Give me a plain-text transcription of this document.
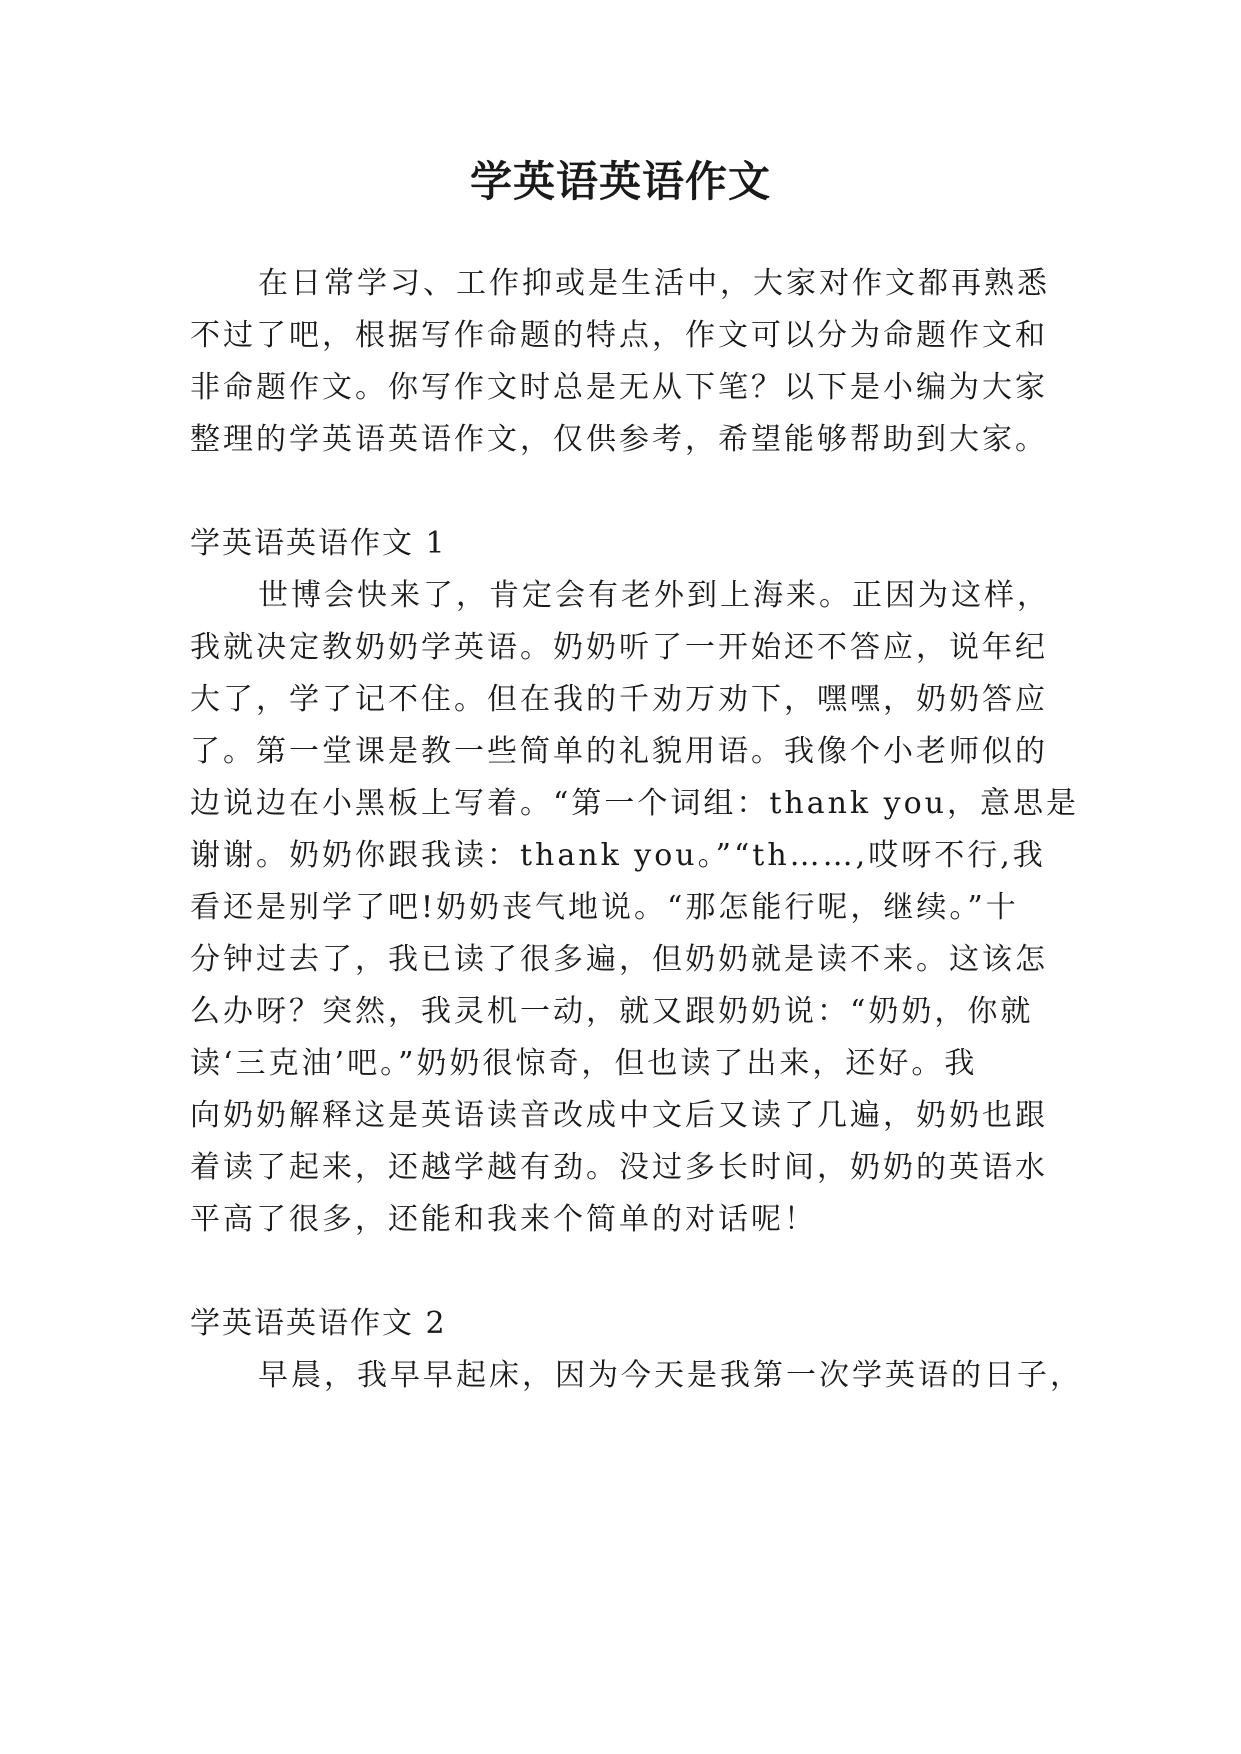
学英语英语作文
在日常学习、工作抑或是生活中，大家对作文都再熟悉
不过了吧，根据写作命题的特点，作文可以分为命题作文和
非命题作文。你写作文时总是无从下笔？以下是小编为大家
整理的学英语英语作文，仅供参考，希望能够帮助到大家。
学英语英语作文 1
世博会快来了，肯定会有老外到上海来。正因为这样，
我就决定教奶奶学英语。奶奶听了一开始还不答应，说年纪
大了，学了记不住。但在我的千劝万劝下，嘿嘿，奶奶答应
了。第一堂课是教一些简单的礼貌用语。我像个小老师似的
边说边在小黑板上写着。“第一个词组：thank you，意思是
谢谢。奶奶你跟我读：thank you。”“th……,哎呀不行,我
看还是别学了吧!奶奶丧气地说。“那怎能行呢，继续。”十
分钟过去了，我已读了很多遍，但奶奶就是读不来。这该怎
么办呀？突然，我灵机一动，就又跟奶奶说：“奶奶，你就
读‘三克油’吧。”奶奶很惊奇，但也读了出来，还好。我
向奶奶解释这是英语读音改成中文后又读了几遍，奶奶也跟
着读了起来，还越学越有劲。没过多长时间，奶奶的英语水
平高了很多，还能和我来个简单的对话呢！
学英语英语作文 2
早晨，我早早起床，因为今天是我第一次学英语的日子，
